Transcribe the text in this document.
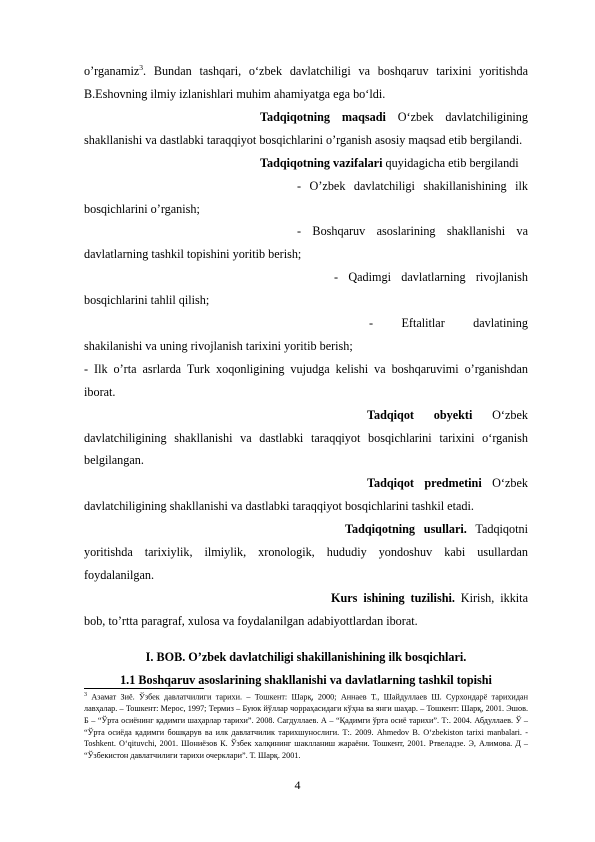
o’rganamiz$^3$. Bundan tashqari, o‘zbek davlatchiligi va boshqaruv tarixini yoritishda B.Eshovning ilmiy izlanishlari muhim ahamiyatga ega bo‘ldi.

Tadqiqotning maqsadi O‘zbek davlatchiligining shakllanishi va dastlabki taraqqiyot bosqichlarini o’rganish asosiy maqsad etib bergilandi.

Tadqiqotning vazifalari quyidagicha etib bergilandi

- O’zbek davlatchiligi shakillanishining ilk bosqichlarini o’rganish;

- Boshqaruv asoslarining shakllanishi va davlatlarning tashkil topishini yoritib berish;

- Qadimgi davlatlarning rivojlanish bosqichlarini tahlil qilish;

- Eftalitlar davlatining shakilanishi va uning rivojlanish tarixini yoritib berish;

- Ilk o’rta asrlarda Turk xoqonligining vujudga kelishi va boshqaruvimi o’rganishdan iborat.

Tadqiqot obyekti O‘zbek davlatchiligining shakllanishi va dastlabki taraqqiyot bosqichlarini tarixini o‘rganish belgilangan.

Tadqiqot predmetini O‘zbek davlatchiligining shakllanishi va dastlabki taraqqiyot bosqichlarini tashkil etadi.

Tadqiqotning usullari. Tadqiqotni yoritishda tarixiylik, ilmiylik, xronologik, hududiy yondoshuv kabi usullardan foydalanilgan.

Kurs ishining tuzilishi. Kirish, ikkita bob, to’rtta paragraf, xulosa va foydalanilgan adabiyottlardan iborat.

I. BOB. O’zbek davlatchiligi shakillanishining ilk bosqichlari.
1.1 Boshqaruv asoslarining shakllanishi va davlatlarning tashkil topishi
$^3$ Азамат Зиё. Ўзбек давлатчилиги тарихи. – Тошкент: Шарқ, 2000; Аннаев Т., Шайдуллаев Ш. Сурхондарё тарихидан лавҳалар. – Тошкент: Мерос, 1997; Термиз – Буюк йўллар чорраҳасидаги кўҳна ва янги шаҳар. – Тошкент: Шарқ, 2001. Эшов. Б – “Ўрта осиёнинг қадимги шаҳарлар тарихи”. 2008. Сагдуллаев. А – “Қадимги ўрта осиё тарихи”. Т:. 2004. Абдуллаев. Ў – “Ўрта осиёда қадимги бошқарув ва илк давлатчилик тарихшунослиги. Т:. 2009. Ahmedov B. O‘zbekiston tarixi manbalari. - Toshkent. O‘qituvchi, 2001. Шониёзов К. Ўзбек халқининг шаклланиш жараёни. Тошкент, 2001. Ртвеладзе. Э, Алимова. Д – “Ўзбекистон давлатчилиги тарихи очерклари”. Т. Шарқ. 2001.
4
